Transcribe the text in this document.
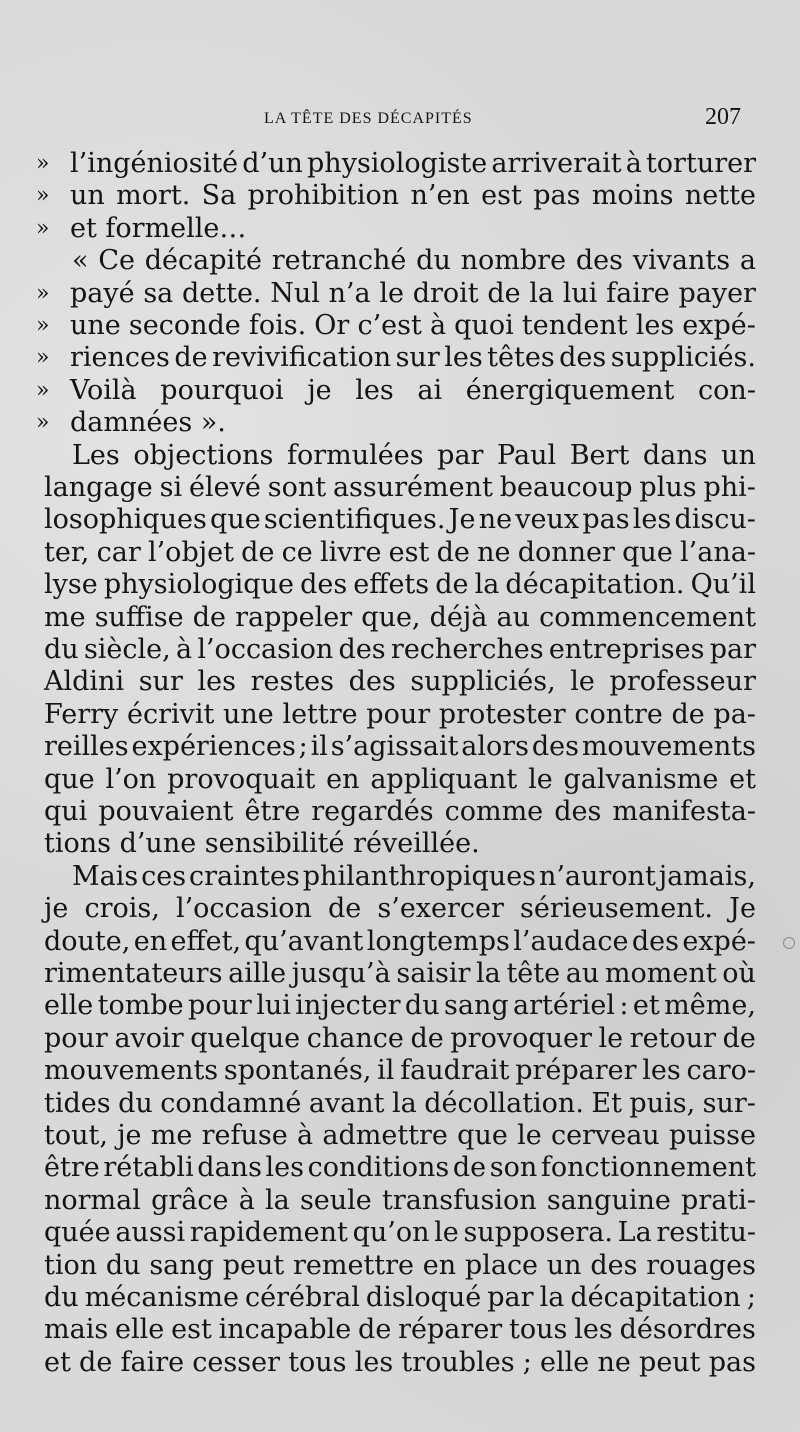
LA TÊTE DES DÉCAPITÉS	207
» l’ingéniosité d’un physiologiste arriverait à torturer
» un mort. Sa prohibition n’en est pas moins nette
» et formelle…
« Ce décapité retranché du nombre des vivants a
» payé sa dette. Nul n’a le droit de la lui faire payer
» une seconde fois. Or c’est à quoi tendent les expé-
» riences de revivification sur les têtes des suppliciés.
» Voilà pourquoi je les ai énergiquement con-
» damnées ».
Les objections formulées par Paul Bert dans un
langage si élevé sont assurément beaucoup plus phi-
losophiques que scientifiques. Je ne veux pas les discu-
ter, car l’objet de ce livre est de ne donner que l’ana-
lyse physiologique des effets de la décapitation. Qu’il
me suffise de rappeler que, déjà au commencement
du siècle, à l’occasion des recherches entreprises par
Aldini sur les restes des suppliciés, le professeur
Ferry écrivit une lettre pour protester contre de pa-
reilles expériences ; il s’agissait alors des mouvements
que l’on provoquait en appliquant le galvanisme et
qui pouvaient être regardés comme des manifesta-
tions d’une sensibilité réveillée.
Mais ces craintes philanthropiques n’auront jamais,
je crois, l’occasion de s’exercer sérieusement. Je
doute, en effet, qu’avant longtemps l’audace des expé-
rimentateurs aille jusqu’à saisir la tête au moment où
elle tombe pour lui injecter du sang artériel : et même,
pour avoir quelque chance de provoquer le retour de
mouvements spontanés, il faudrait préparer les caro-
tides du condamné avant la décollation. Et puis, sur-
tout, je me refuse à admettre que le cerveau puisse
être rétabli dans les conditions de son fonctionnement
normal grâce à la seule transfusion sanguine prati-
quée aussi rapidement qu’on le supposera. La restitu-
tion du sang peut remettre en place un des rouages
du mécanisme cérébral disloqué par la décapitation ;
mais elle est incapable de réparer tous les désordres
et de faire cesser tous les troubles ; elle ne peut pas
